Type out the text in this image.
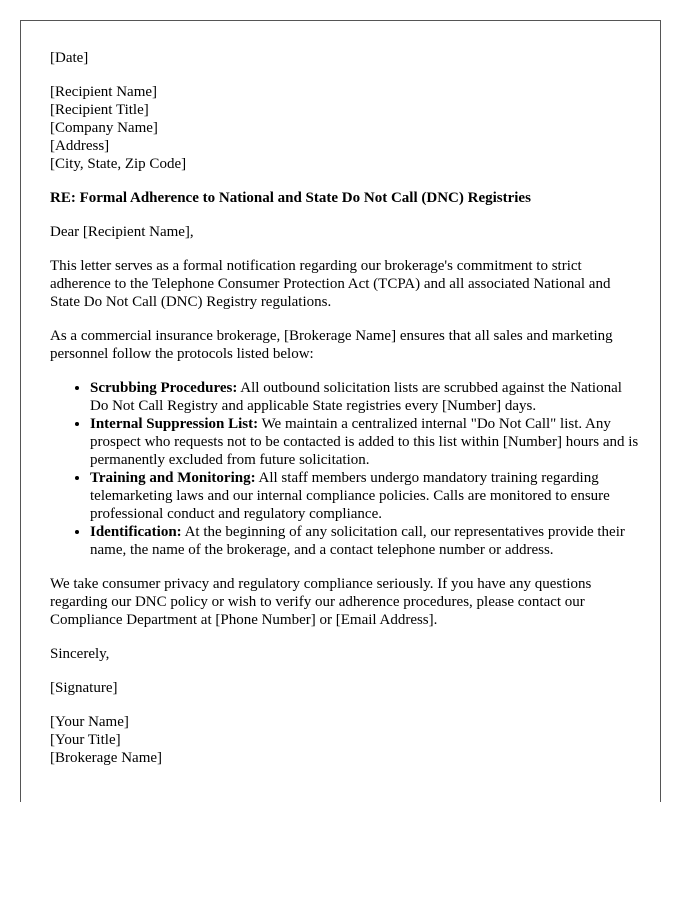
[Date]

[Recipient Name]
[Recipient Title]
[Company Name]
[Address]
[City, State, Zip Code]

RE: Formal Adherence to National and State Do Not Call (DNC) Registries

Dear [Recipient Name],

This letter serves as a formal notification regarding our brokerage's commitment to strict adherence to the Telephone Consumer Protection Act (TCPA) and all associated National and State Do Not Call (DNC) Registry regulations.

As a commercial insurance brokerage, [Brokerage Name] ensures that all sales and marketing personnel follow the protocols listed below:

• Scrubbing Procedures: All outbound solicitation lists are scrubbed against the National Do Not Call Registry and applicable State registries every [Number] days.
• Internal Suppression List: We maintain a centralized internal "Do Not Call" list. Any prospect who requests not to be contacted is added to this list within [Number] hours and is permanently excluded from future solicitation.
• Training and Monitoring: All staff members undergo mandatory training regarding telemarketing laws and our internal compliance policies. Calls are monitored to ensure professional conduct and regulatory compliance.
• Identification: At the beginning of any solicitation call, our representatives provide their name, the name of the brokerage, and a contact telephone number or address.

We take consumer privacy and regulatory compliance seriously. If you have any questions regarding our DNC policy or wish to verify our adherence procedures, please contact our Compliance Department at [Phone Number] or [Email Address].

Sincerely,

[Signature]

[Your Name]
[Your Title]
[Brokerage Name]
